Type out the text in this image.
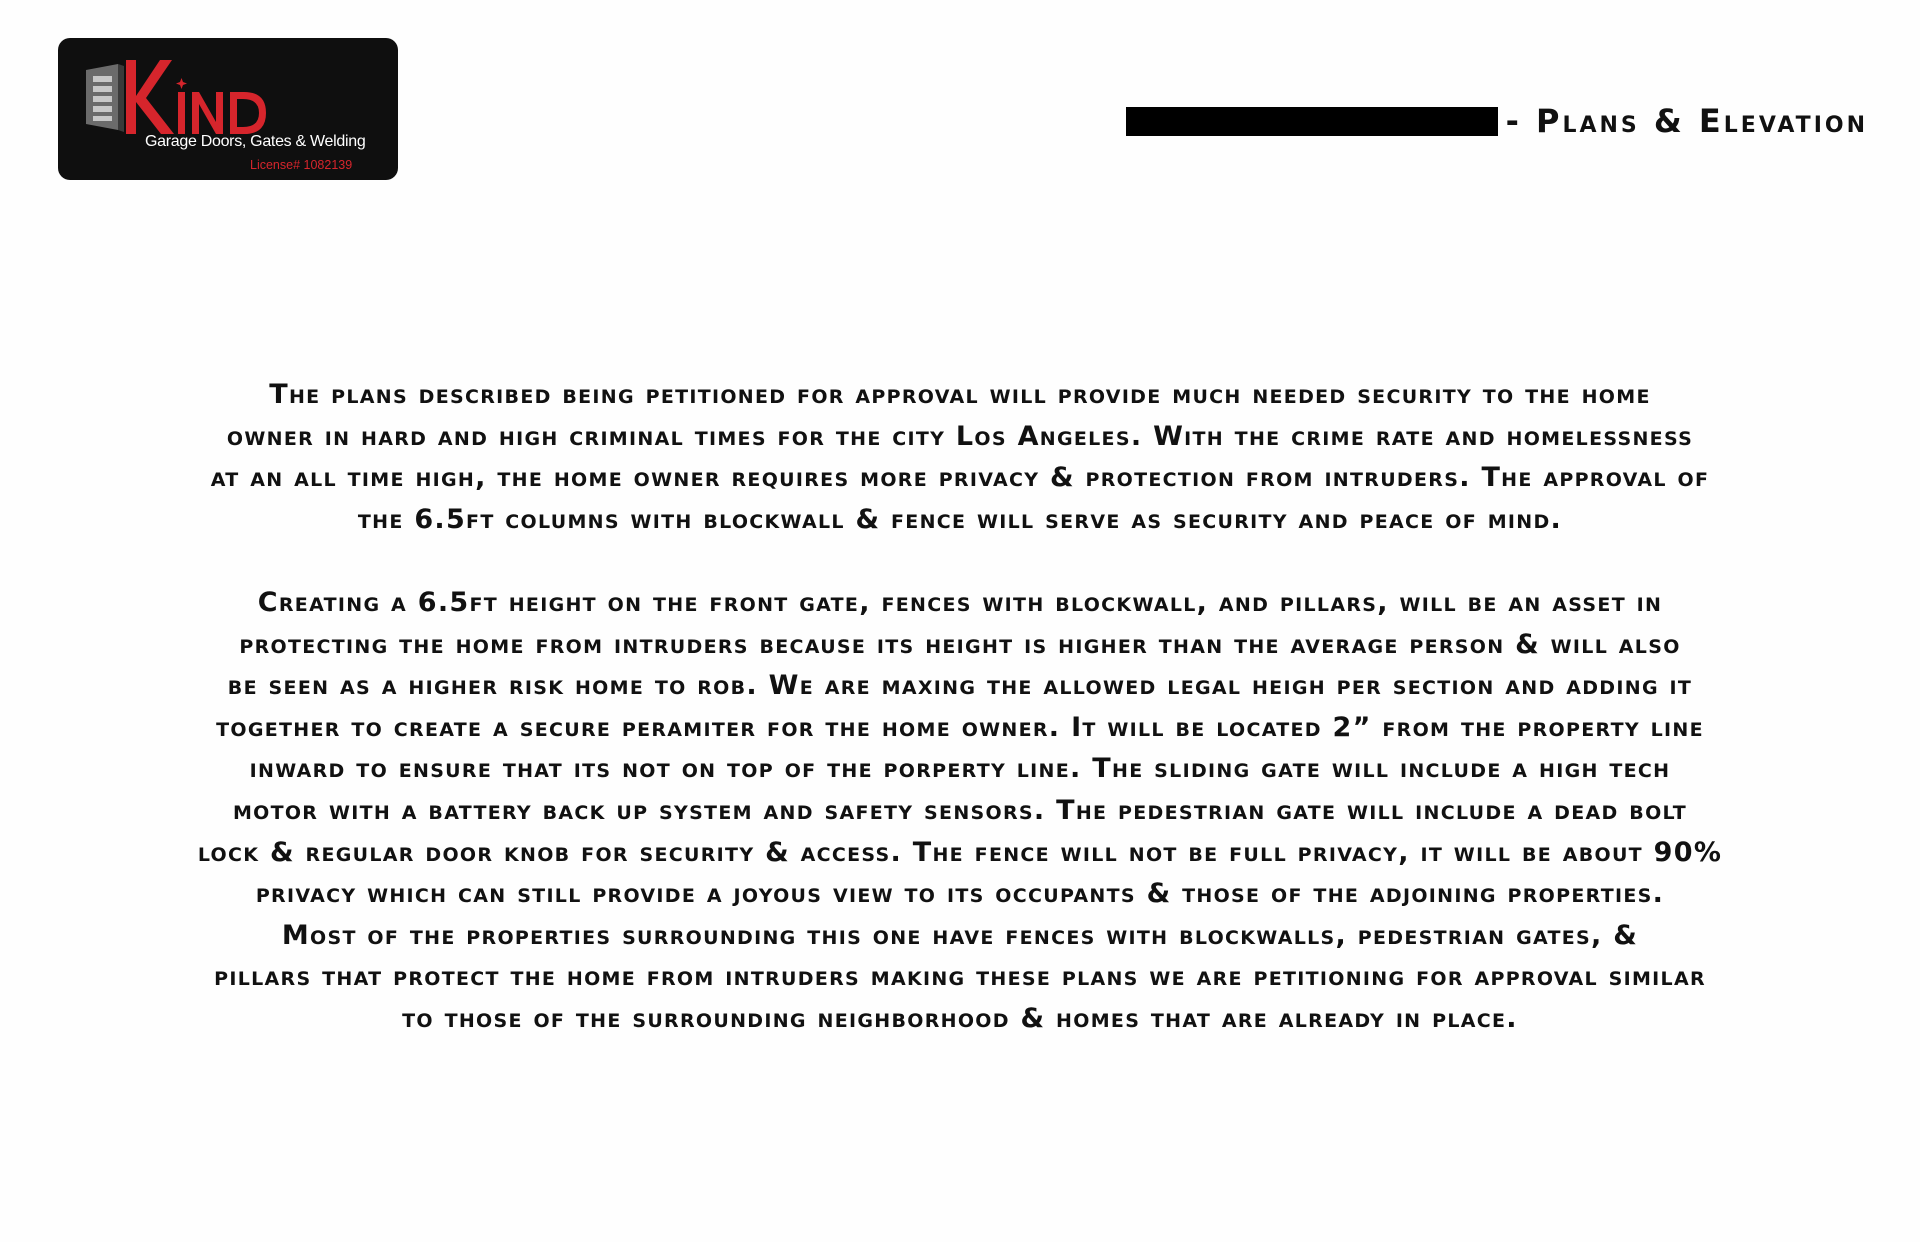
Garage Doors, Gates & Welding
License# 1082139
- Plans & Elevation
The plans described being petitioned for approval will provide much needed security to the home
owner in hard and high criminal times for the city Los Angeles. With the crime rate and homelessness
at an all time high, the home owner requires more privacy & protection from intruders. The approval of
the 6.5ft columns with blockwall & fence will serve as security and peace of mind.
Creating a 6.5ft height on the front gate, fences with blockwall, and pillars, will be an asset in
protecting the home from intruders because its height is higher than the average person & will also
be seen as a higher risk home to rob. We are maxing the allowed legal heigh per section and adding it
together to create a secure peramiter for the home owner. It will be located 2” from the property line
inward to ensure that its not on top of the porperty line. The sliding gate will include a high tech
motor with a battery back up system and safety sensors. The pedestrian gate will include a dead bolt
lock & regular door knob for security & access. The fence will not be full privacy, it will be about 90%
privacy which can still provide a joyous view to its occupants & those of the adjoining properties.
Most of the properties surrounding this one have fences with blockwalls, pedestrian gates, &
pillars that protect the home from intruders making these plans we are petitioning for approval similar
to those of the surrounding neighborhood & homes that are already in place.
